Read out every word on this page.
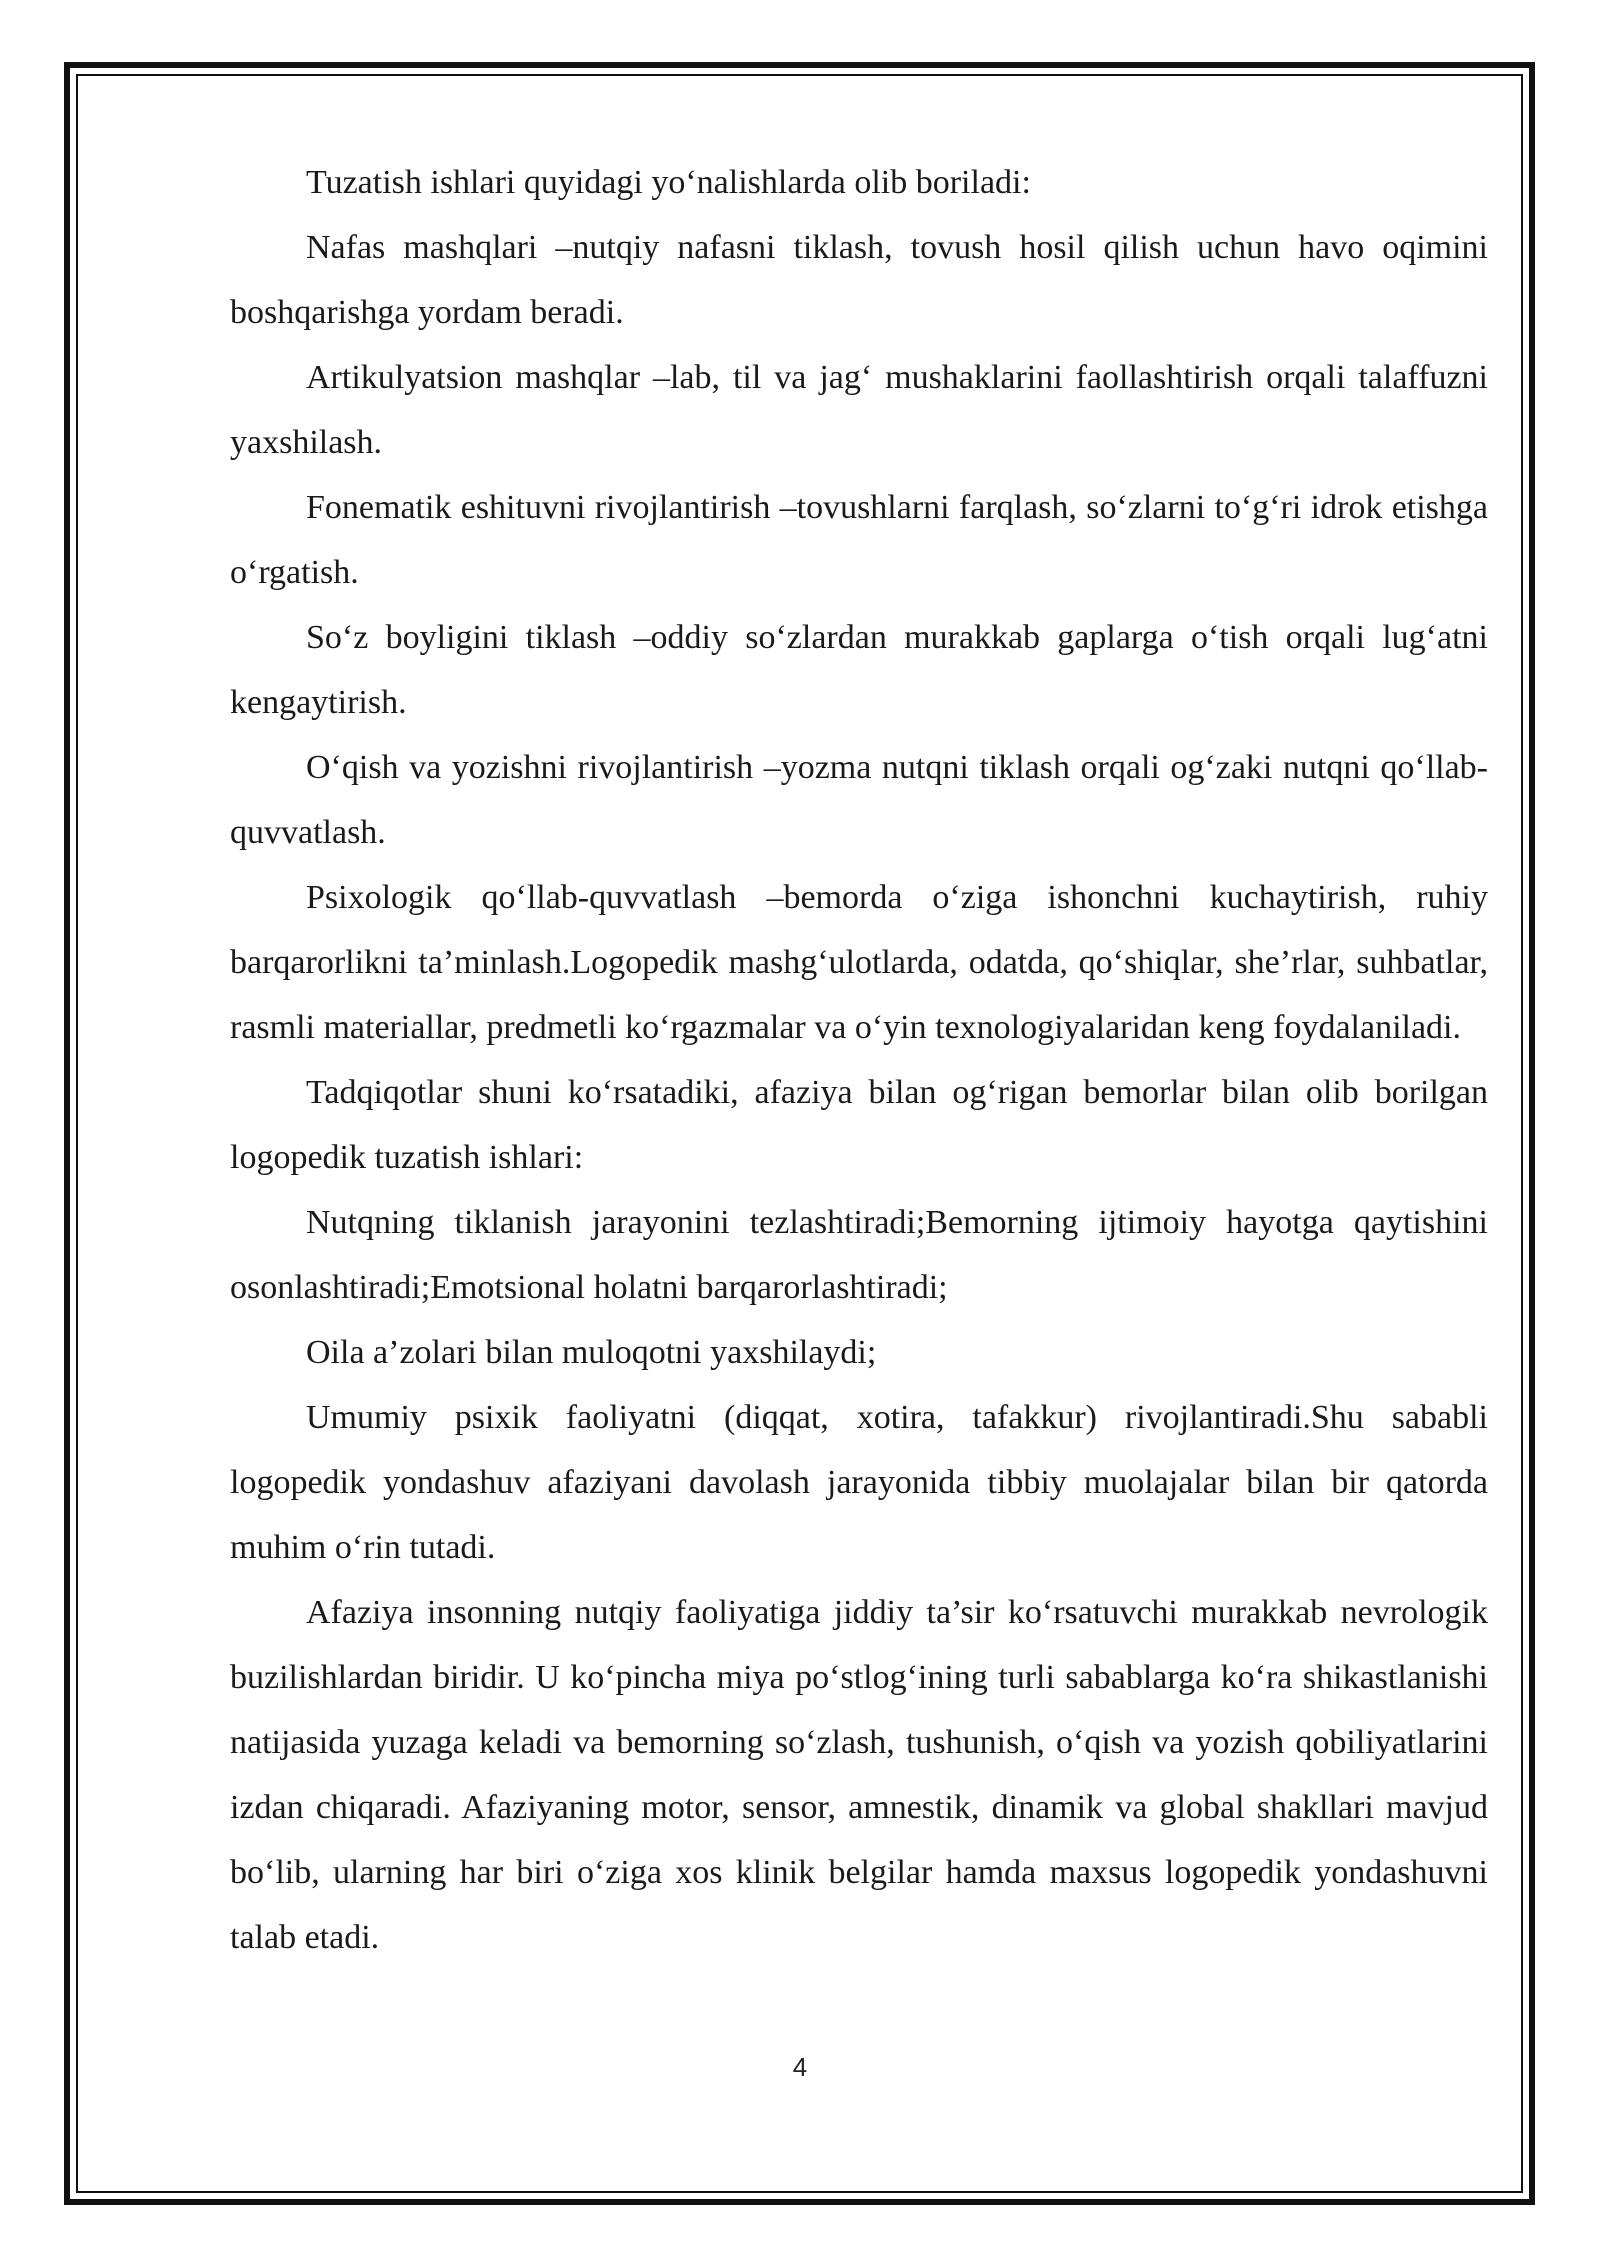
Tuzatish ishlari quyidagi yo‘nalishlarda olib boriladi:

Nafas mashqlari –nutqiy nafasni tiklash, tovush hosil qilish uchun havo oqimini boshqarishga yordam beradi.

Artikulyatsion mashqlar –lab, til va jag‘ mushaklarini faollashtirish orqali talaffuzni yaxshilash.

Fonematik eshituvni rivojlantirish –tovushlarni farqlash, so‘zlarni to‘g‘ri idrok etishga o‘rgatish.

So‘z boyligini tiklash –oddiy so‘zlardan murakkab gaplarga o‘tish orqali lug‘atni kengaytirish.

O‘qish va yozishni rivojlantirish –yozma nutqni tiklash orqali og‘zaki nutqni qo‘llab-quvvatlash.

Psixologik qo‘llab-quvvatlash –bemorda o‘ziga ishonchni kuchaytirish, ruhiy barqarorlikni ta’minlash.Logopedik mashg‘ulotlarda, odatda, qo‘shiqlar, she’rlar, suhbatlar, rasmli materiallar, predmetli ko‘rgazmalar va o‘yin texnologiyalaridan keng foydalaniladi.

Tadqiqotlar shuni ko‘rsatadiki, afaziya bilan og‘rigan bemorlar bilan olib borilgan logopedik tuzatish ishlari:

Nutqning tiklanish jarayonini tezlashtiradi;Bemorning ijtimoiy hayotga qaytishini osonlashtiradi;Emotsional holatni barqarorlashtiradi;

Oila a’zolari bilan muloqotni yaxshilaydi;

Umumiy psixik faoliyatni (diqqat, xotira, tafakkur) rivojlantiradi.Shu sababli logopedik yondashuv afaziyani davolash jarayonida tibbiy muolajalar bilan bir qatorda muhim o‘rin tutadi.

Afaziya insonning nutqiy faoliyatiga jiddiy ta’sir ko‘rsatuvchi murakkab nevrologik buzilishlardan biridir. U ko‘pincha miya po‘stlog‘ining turli sabablarga ko‘ra shikastlanishi natijasida yuzaga keladi va bemorning so‘zlash, tushunish, o‘qish va yozish qobiliyatlarini izdan chiqaradi. Afaziyaning motor, sensor, amnestik, dinamik va global shakllari mavjud bo‘lib, ularning har biri o‘ziga xos klinik belgilar hamda maxsus logopedik yondashuvni talab etadi.

4
